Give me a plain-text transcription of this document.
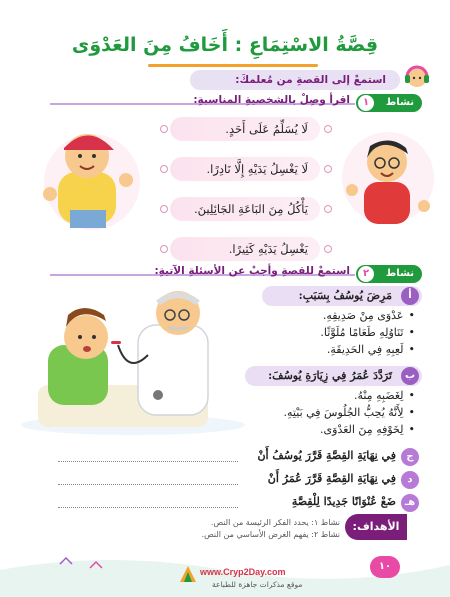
قِصَّةُ الاسْتِمَاعِ : أَخَافُ مِنَ العَدْوَى
استمعْ إلى القصةِ من مُعلمكَ:
اقرأ وصِلْ بالشخصيةِ المناسبةِ:	نشاط
١
لَا يُسَلِّمُ عَلَى أَحَدٍ.
لَا يَغْسِلُ يَدَيْهِ إِلَّا نَادِرًا.
يَأْكُلُ مِنَ البَاعَةِ الجَائِلِينَ.
يَغْسِلُ يَدَيْهِ كَثِيرًا.
استمعْ للقصةِ وأجبْ عن الأسئلةِ الآتيةِ:	نشاط
٢
مَرِضَ يُوسُفُ بِسَبَبِ:	أ
• عَدْوَى مِنْ صَدِيقِهِ.
• تَنَاوُلِهِ طَعَامًا مُلَوَّثًا.
• لَعِبِهِ فِي الحَدِيقَةِ.
تَرَدَّدَ عُمَرُ فِي زِيَارَةِ يُوسُفَ:	ب
• لِغَضَبِهِ مِنْهُ.
• لِأَنَّهُ يُحِبُّ الجُلُوسَ فِي بَيْتِهِ.
• لِخَوْفِهِ مِنَ العَدْوَى.
ج
فِي نِهَايَةِ القِصَّةِ قَرَّرَ يُوسُفُ أَنْ
د
فِي نِهَايَةِ القِصَّةِ قَرَّرَ عُمَرُ أَنْ
هـ
ضَعْ عُنْوَانًا جَدِيدًا لِلْقِصَّةِ
الأهداف:
نشاط ١: يحدد الفكر الرئيسة من النص.
نشاط ٢: يفهم الغرض الأساسي من النص.
www.Cryp2Day.com
موقع مذكرات جاهزة للطباعة
١٠
